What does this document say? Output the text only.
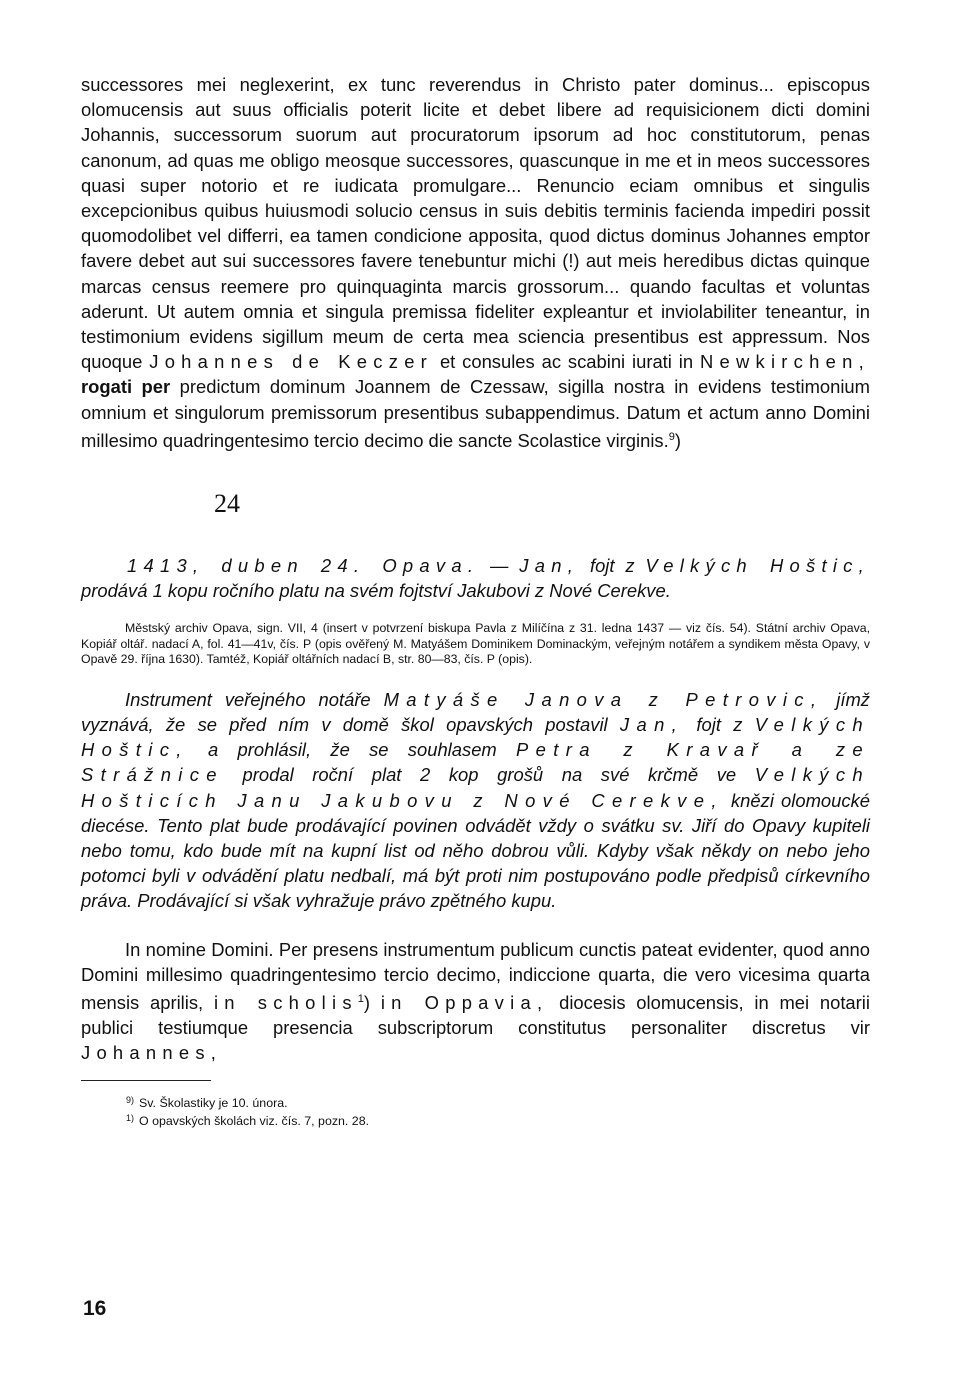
successores mei neglexerint, ex tunc reverendus in Christo pater dominus... episcopus olomucensis aut suus officialis poterit licite et debet libere ad requisicionem dicti domini Johannis, successorum suorum aut procuratorum ipsorum ad hoc constitutorum, penas canonum, ad quas me obligo meosque successores, quascunque in me et in meos successores quasi super notorio et re iudicata promulgare... Renuncio eciam omnibus et singulis excepcionibus quibus huiusmodi solucio census in suis debitis terminis facienda impediri possit quomodolibet vel differri, ea tamen condicione apposita, quod dictus dominus Johannes emptor favere debet aut sui successores favere tenebuntur michi (!) aut meis heredibus dictas quinque marcas census reemere pro quinquaginta marcis grossorum... quando facultas et voluntas aderunt. Ut autem omnia et singula premissa fideliter expleantur et inviolabiliter teneantur, in testimonium evidens sigillum meum de certa mea sciencia presentibus est appressum. Nos quoque Johannes de Keczer et consules ac scabini iurati in Newkirchen, rogati per predictum dominum Joannem de Czessaw, sigilla nostra in evidens testimonium omnium et singulorum premissorum presentibus subappendimus. Datum et actum anno Domini millesimo quadringentesimo tercio decimo die sancte Scolastice virginis.$^9$)

24

1413, duben 24. Opava. — Jan, fojt z Velkých Hoštic, prodává 1 kopu ročního platu na svém fojtství Jakubovi z Nové Cerekve.

Městský archiv Opava, sign. VII, 4 (insert v potvrzení biskupa Pavla z Milíčína z 31. ledna 1437 — viz čís. 54). Státní archiv Opava, Kopiář oltář. nadací A, fol. 41—41v, čís. P (opis ověřený M. Matyášem Dominikem Dominackým, veřejným notářem a syndikem města Opavy, v Opavě 29. října 1630). Tamtéž, Kopiář oltářních nadací B, str. 80—83, čís. P (opis).

Instrument veřejného notáře Matyáše Janova z Petrovic, jímž vyznává, že se před ním v domě škol opavských postavil Jan, fojt z Velkých Hoštic, a prohlásil, že se souhlasem Petra z Kravař a ze Strážnice prodal roční plat 2 kop grošů na své krčmě ve Velkých Hošticích Janu Jakubovu z Nové Cerekve, knězi olomoucké diecése. Tento plat bude prodávající povinen odvádět vždy o svátku sv. Jiří do Opavy kupiteli nebo tomu, kdo bude mít na kupní list od něho dobrou vůli. Kdyby však někdy on nebo jeho potomci byli v odvádění platu nedbalí, má být proti nim postupováno podle předpisů církevního práva. Prodávající si však vyhražuje právo zpětného kupu.

In nomine Domini. Per presens instrumentum publicum cunctis pateat evidenter, quod anno Domini millesimo quadringentesimo tercio decimo, indiccione quarta, die vero vicesima quarta mensis aprilis, in scholis$^1$) in Oppavia, diocesis olomucensis, in mei notarii publici testiumque presencia subscriptorum constitutus personaliter discretus vir Johannes,

$^{9)}$ Sv. Školastiky je 10. února.

$^{1)}$ O opavských školách viz. čís. 7, pozn. 28.

16
